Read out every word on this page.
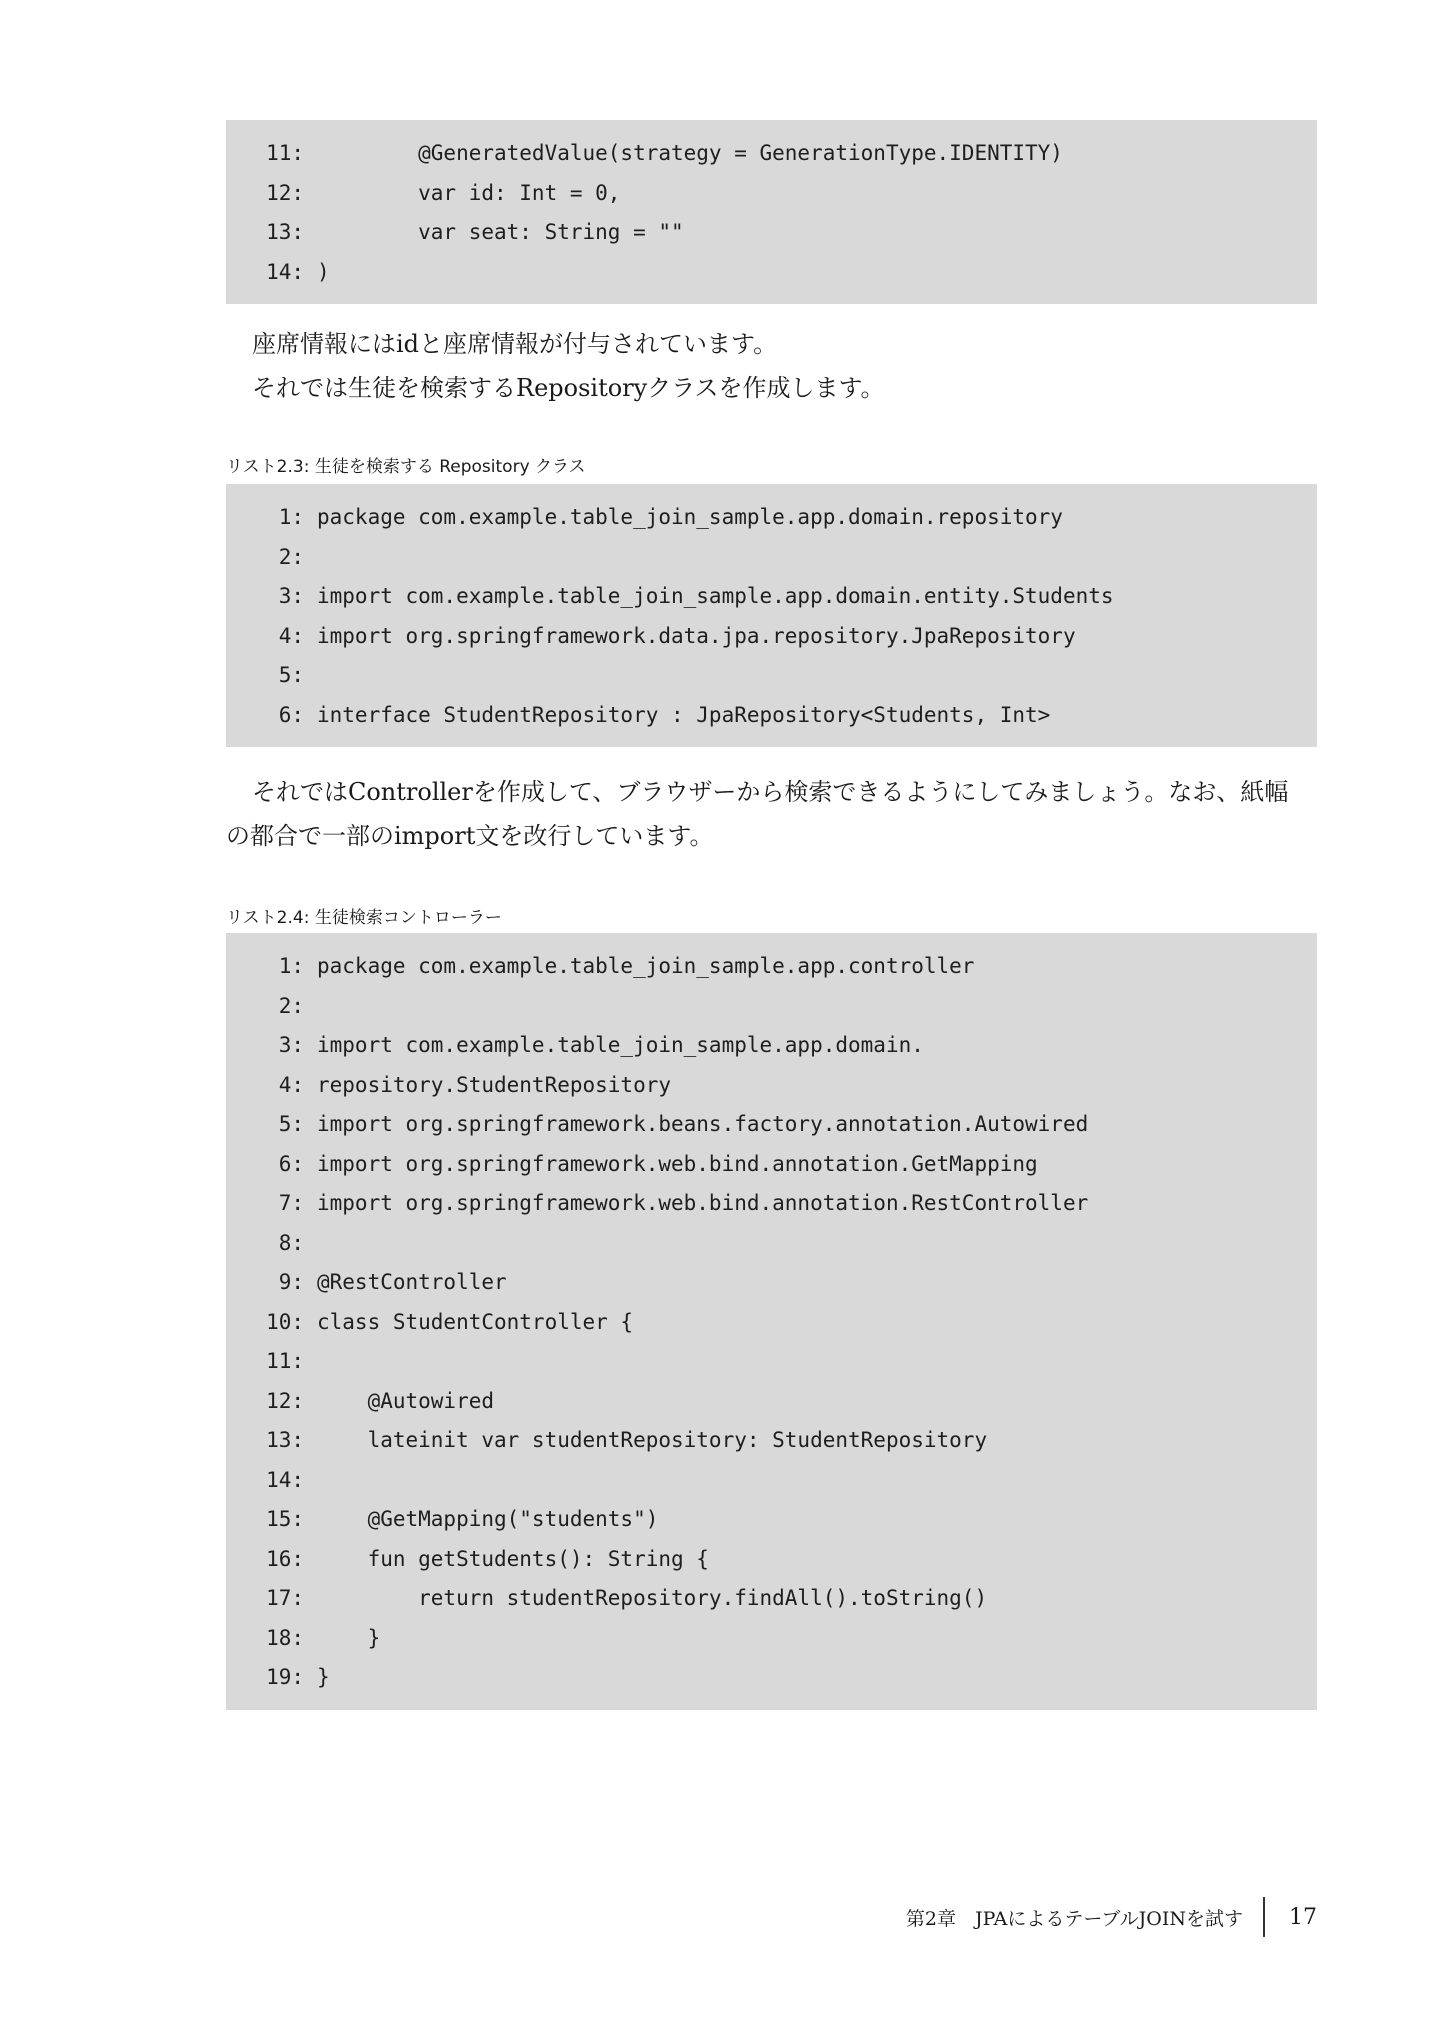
11: @GeneratedValue(strategy = GenerationType.IDENTITY)
12: var id: Int = 0,
13: var seat: String = ""
14: )
座席情報にはidと座席情報が付与されています。
それでは生徒を検索するRepositoryクラスを作成します。
リスト2.3: 生徒を検索する Repository クラス
1: package com.example.table_join_sample.app.domain.repository
2:
3: import com.example.table_join_sample.app.domain.entity.Students
4: import org.springframework.data.jpa.repository.JpaRepository
5:
6: interface StudentRepository : JpaRepository<Students, Int>
それではControllerを作成して、ブラウザーから検索できるようにしてみましょう。なお、紙幅
の都合で一部のimport文を改行しています。
リスト2.4: 生徒検索コントローラー
1: package com.example.table_join_sample.app.controller
2:
3: import com.example.table_join_sample.app.domain.
4: repository.StudentRepository
5: import org.springframework.beans.factory.annotation.Autowired
6: import org.springframework.web.bind.annotation.GetMapping
7: import org.springframework.web.bind.annotation.RestController
8:
9: @RestController
10: class StudentController {
11:
12: @Autowired
13: lateinit var studentRepository: StudentRepository
14:
15: @GetMapping("students")
16: fun getStudents(): String {
17: return studentRepository.findAll().toString()
18: }
19: }
第2章　JPAによるテーブルJOINを試す 17
